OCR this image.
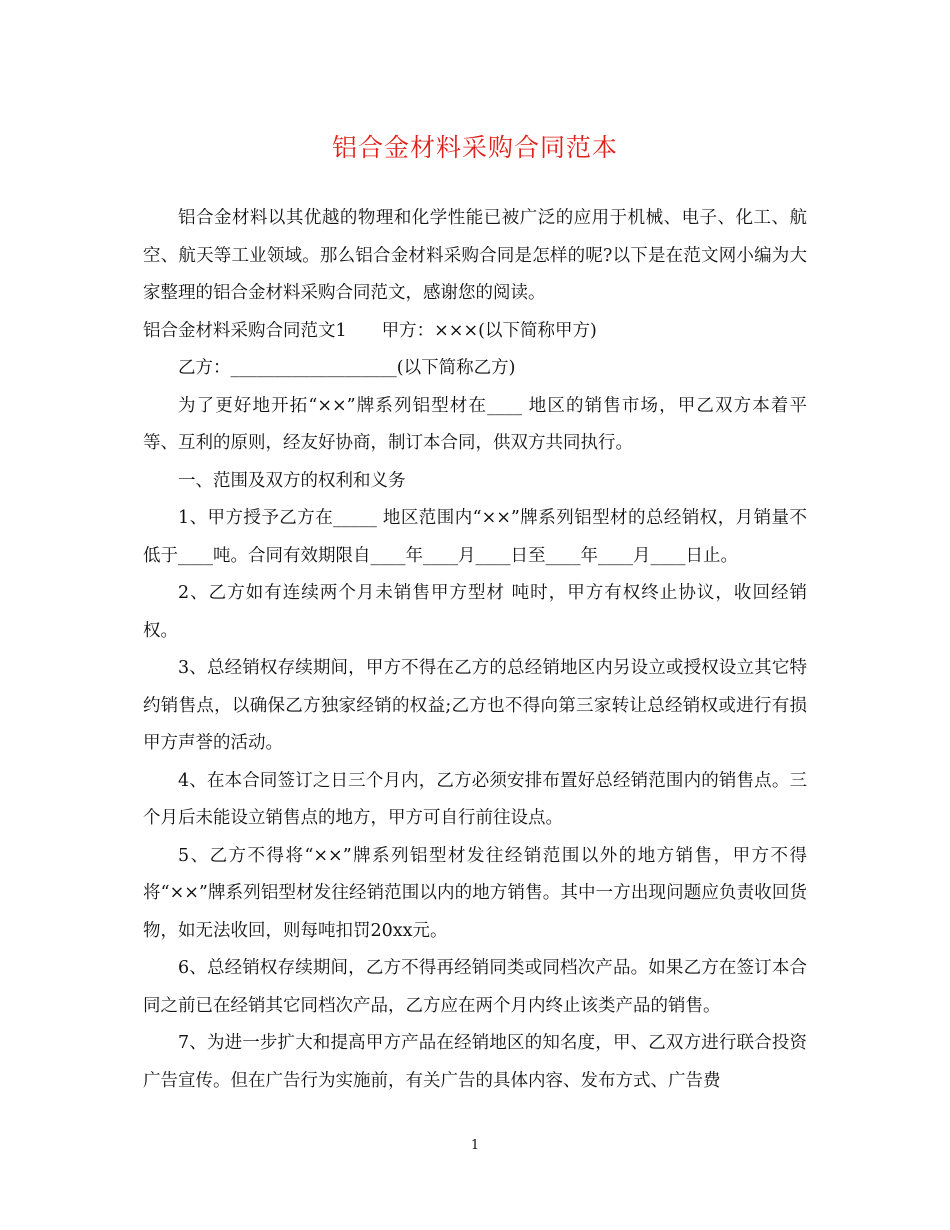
铝合金材料采购合同范本

铝合金材料以其优越的物理和化学性能已被广泛的应用于机械、电子、化工、航空、航天等工业领域。那么铝合金材料采购合同是怎样的呢?以下是在范文网小编为大家整理的铝合金材料采购合同范文，感谢您的阅读。

铝合金材料采购合同范文1　　甲方：×××(以下简称甲方)

乙方：___________________(以下简称乙方)

为了更好地开拓“××”牌系列铝型材在____ 地区的销售市场，甲乙双方本着平等、互利的原则，经友好协商，制订本合同，供双方共同执行。

一、范围及双方的权利和义务

1、甲方授予乙方在_____ 地区范围内“××”牌系列铝型材的总经销权，月销量不低于____吨。合同有效期限自____年____月____日至____年____月____日止。

2、乙方如有连续两个月未销售甲方型材 吨时，甲方有权终止协议，收回经销权。

3、总经销权存续期间，甲方不得在乙方的总经销地区内另设立或授权设立其它特约销售点，以确保乙方独家经销的权益;乙方也不得向第三家转让总经销权或进行有损甲方声誉的活动。

4、在本合同签订之日三个月内，乙方必须安排布置好总经销范围内的销售点。三个月后未能设立销售点的地方，甲方可自行前往设点。

5、乙方不得将“××”牌系列铝型材发往经销范围以外的地方销售，甲方不得将“××”牌系列铝型材发往经销范围以内的地方销售。其中一方出现问题应负责收回货物，如无法收回，则每吨扣罚20xx元。

6、总经销权存续期间，乙方不得再经销同类或同档次产品。如果乙方在签订本合同之前已在经销其它同档次产品，乙方应在两个月内终止该类产品的销售。

7、为进一步扩大和提高甲方产品在经销地区的知名度，甲、乙双方进行联合投资广告宣传。但在广告行为实施前，有关广告的具体内容、发布方式、广告费

1
